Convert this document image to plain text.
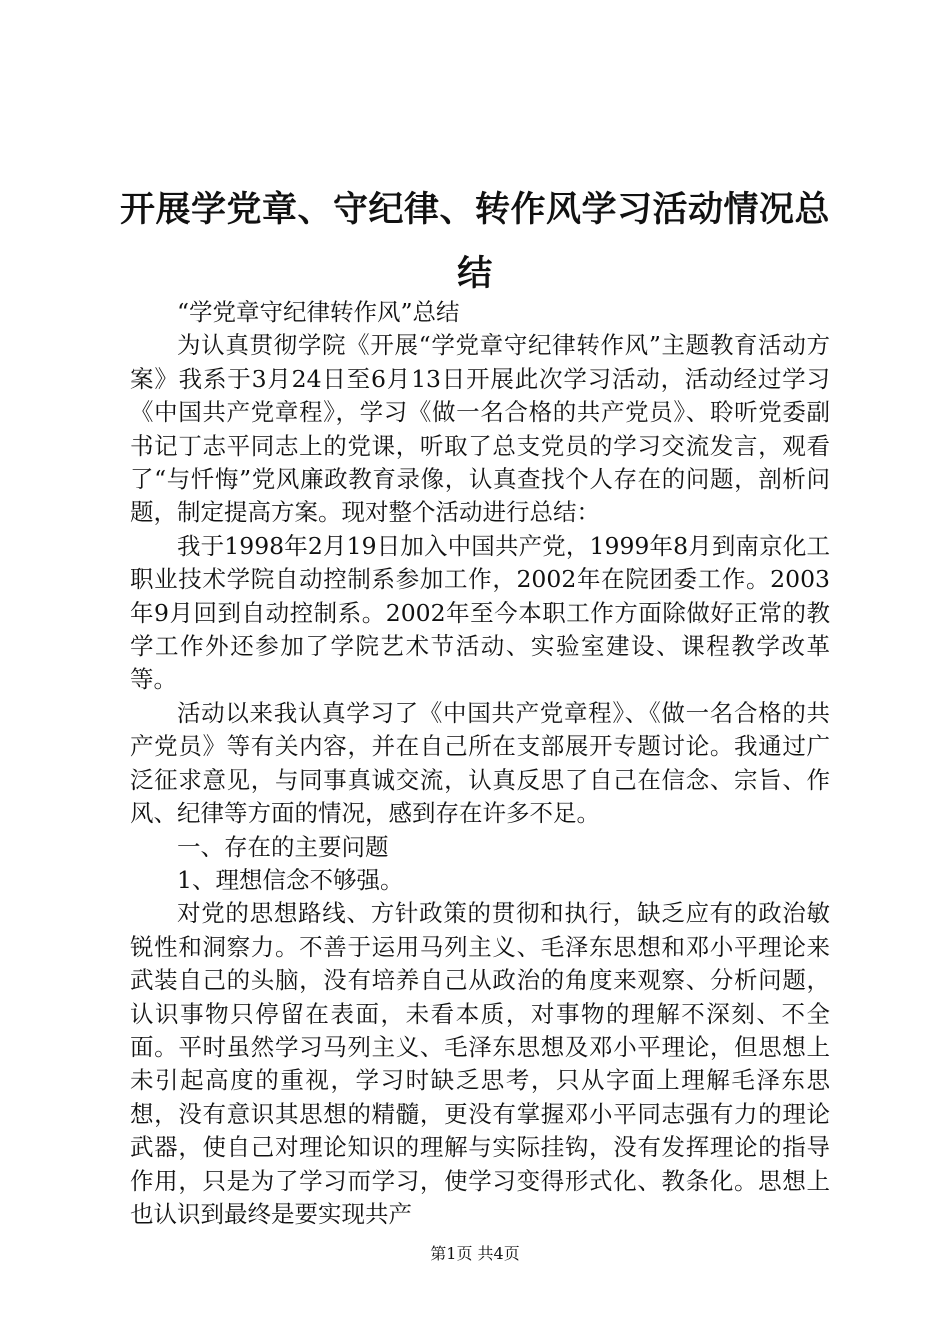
开展学党章、守纪律、转作风学习活动情况总结

“学党章守纪律转作风”总结

为认真贯彻学院《开展“学党章守纪律转作风”主题教育活动方案》我系于3月24日至6月13日开展此次学习活动，活动经过学习《中国共产党章程》，学习《做一名合格的共产党员》、聆听党委副书记丁志平同志上的党课，听取了总支党员的学习交流发言，观看了“与忏悔”党风廉政教育录像，认真查找个人存在的问题，剖析问题，制定提高方案。现对整个活动进行总结：

我于1998年2月19日加入中国共产党，1999年8月到南京化工职业技术学院自动控制系参加工作，2002年在院团委工作。2003年9月回到自动控制系。2002年至今本职工作方面除做好正常的教学工作外还参加了学院艺术节活动、实验室建设、课程教学改革等。

活动以来我认真学习了《中国共产党章程》、《做一名合格的共产党员》等有关内容，并在自己所在支部展开专题讨论。我通过广泛征求意见，与同事真诚交流，认真反思了自己在信念、宗旨、作风、纪律等方面的情况，感到存在许多不足。

一、存在的主要问题

1、理想信念不够强。

对党的思想路线、方针政策的贯彻和执行，缺乏应有的政治敏锐性和洞察力。不善于运用马列主义、毛泽东思想和邓小平理论来武装自己的头脑，没有培养自己从政治的角度来观察、分析问题，认识事物只停留在表面，未看本质，对事物的理解不深刻、不全面。平时虽然学习马列主义、毛泽东思想及邓小平理论，但思想上未引起高度的重视，学习时缺乏思考，只从字面上理解毛泽东思想，没有意识其思想的精髓，更没有掌握邓小平同志强有力的理论武器，使自己对理论知识的理解与实际挂钩，没有发挥理论的指导作用，只是为了学习而学习，使学习变得形式化、教条化。思想上也认识到最终是要实现共产

第1页 共4页
